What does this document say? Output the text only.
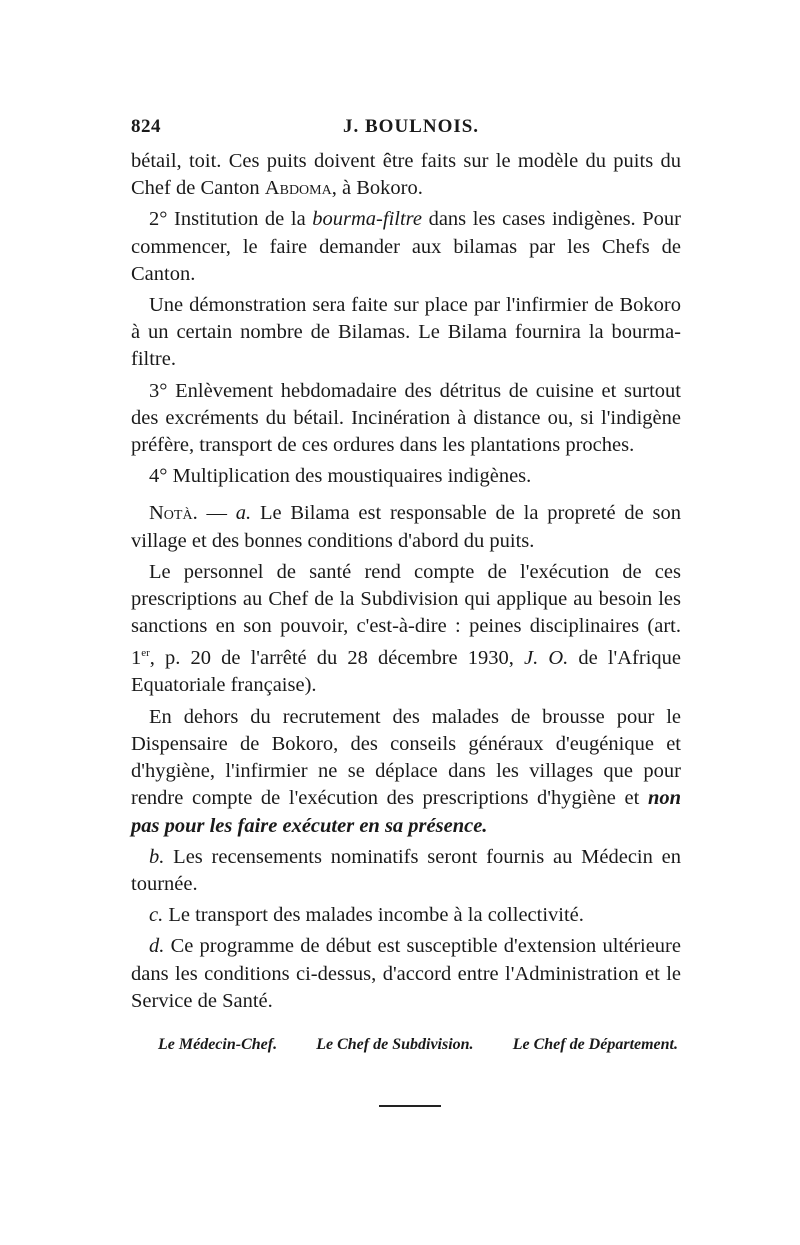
824	J. BOULNOIS.

bétail, toit. Ces puits doivent être faits sur le modèle du puits du Chef de Canton Abdoma, à Bokoro.

2° Institution de la bourma-filtre dans les cases indigènes. Pour commencer, le faire demander aux bilamas par les Chefs de Canton.

Une démonstration sera faite sur place par l'infirmier de Bokoro à un certain nombre de Bilamas. Le Bilama fournira la bourma-filtre.

3° Enlèvement hebdomadaire des détritus de cuisine et surtout des excréments du bétail. Incinération à distance ou, si l'indigène préfère, transport de ces ordures dans les plantations proches.

4° Multiplication des moustiquaires indigènes.

Notà. — a. Le Bilama est responsable de la propreté de son village et des bonnes conditions d'abord du puits.

Le personnel de santé rend compte de l'exécution de ces prescriptions au Chef de la Subdivision qui applique au besoin les sanctions en son pouvoir, c'est-à-dire : peines disciplinaires (art. 1er, p. 20 de l'arrêté du 28 décembre 1930, J. O. de l'Afrique Equatoriale française).

En dehors du recrutement des malades de brousse pour le Dispensaire de Bokoro, des conseils généraux d'eugénique et d'hygiène, l'infirmier ne se déplace dans les villages que pour rendre compte de l'exécution des prescriptions d'hygiène et non pas pour les faire exécuter en sa présence.

b. Les recensements nominatifs seront fournis au Médecin en tournée.

c. Le transport des malades incombe à la collectivité.

d. Ce programme de début est susceptible d'extension ultérieure dans les conditions ci-dessus, d'accord entre l'Administration et le Service de Santé.

Le Médecin-Chef. Le Chef de Subdivision. Le Chef de Département.
